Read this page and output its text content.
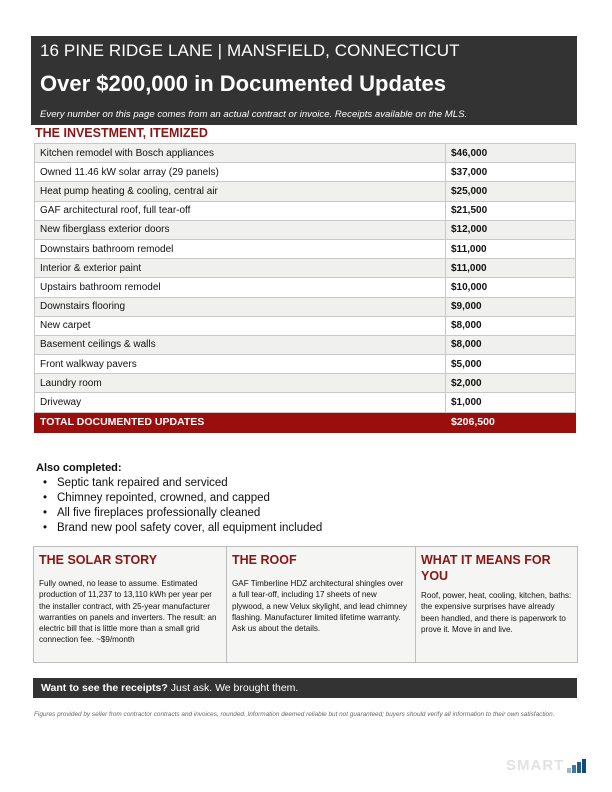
16 PINE RIDGE LANE | MANSFIELD, CONNECTICUT
Over $200,000 in Documented Updates
Every number on this page comes from an actual contract or invoice. Receipts available on the MLS.
THE INVESTMENT, ITEMIZED
Kitchen remodel with Bosch appliances	$46,000
Owned 11.46 kW solar array (29 panels)	$37,000
Heat pump heating & cooling, central air	$25,000
GAF architectural roof, full tear-off	$21,500
New fiberglass exterior doors	$12,000
Downstairs bathroom remodel	$11,000
Interior & exterior paint	$11,000
Upstairs bathroom remodel	$10,000
Downstairs flooring	$9,000
New carpet	$8,000
Basement ceilings & walls	$8,000
Front walkway pavers	$5,000
Laundry room	$2,000
Driveway	$1,000
TOTAL DOCUMENTED UPDATES	$206,500
Also completed:
• Septic tank repaired and serviced
• Chimney repointed, crowned, and capped
• All five fireplaces professionally cleaned
• Brand new pool safety cover, all equipment included
THE SOLAR STORY
Fully owned, no lease to assume. Estimated production of 11,237 to 13,110 kWh per year per the installer contract, with 25-year manufacturer warranties on panels and inverters. The result: an electric bill that is little more than a small grid connection fee. ~$9/month
THE ROOF
GAF Timberline HDZ architectural shingles over a full tear-off, including 17 sheets of new plywood, a new Velux skylight, and lead chimney flashing. Manufacturer limited lifetime warranty. Ask us about the details.
WHAT IT MEANS FOR YOU
Roof, power, heat, cooling, kitchen, baths: the expensive surprises have already been handled, and there is paperwork to prove it. Move in and live.
Want to see the receipts? Just ask. We brought them.
Figures provided by seller from contractor contracts and invoices, rounded. Information deemed reliable but not guaranteed; buyers should verify all information to their own satisfaction.
SMART
